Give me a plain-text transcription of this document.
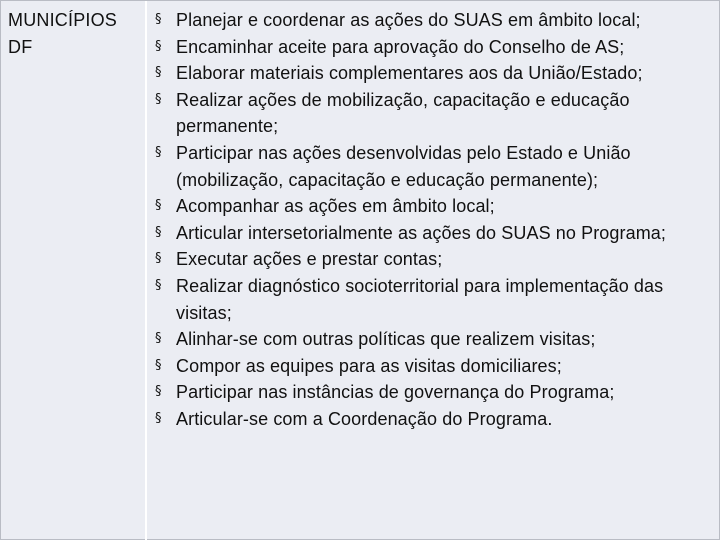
MUNICÍPIOS
DF
§ Planejar e coordenar as ações do SUAS em âmbito local;
§ Encaminhar aceite para aprovação do Conselho de AS;
§ Elaborar materiais complementares aos da União/Estado;
§ Realizar ações de mobilização, capacitação e educação permanente;
§ Participar nas ações desenvolvidas pelo Estado e União (mobilização, capacitação e educação permanente);
§ Acompanhar as ações em âmbito local;
§ Articular intersetorialmente as ações do SUAS no Programa;
§ Executar ações e prestar contas;
§ Realizar diagnóstico socioterritorial para implementação das visitas;
§ Alinhar-se com outras políticas que realizem visitas;
§ Compor as equipes para as visitas domiciliares;
§ Participar nas instâncias de governança do Programa;
§ Articular-se com a Coordenação do Programa.
